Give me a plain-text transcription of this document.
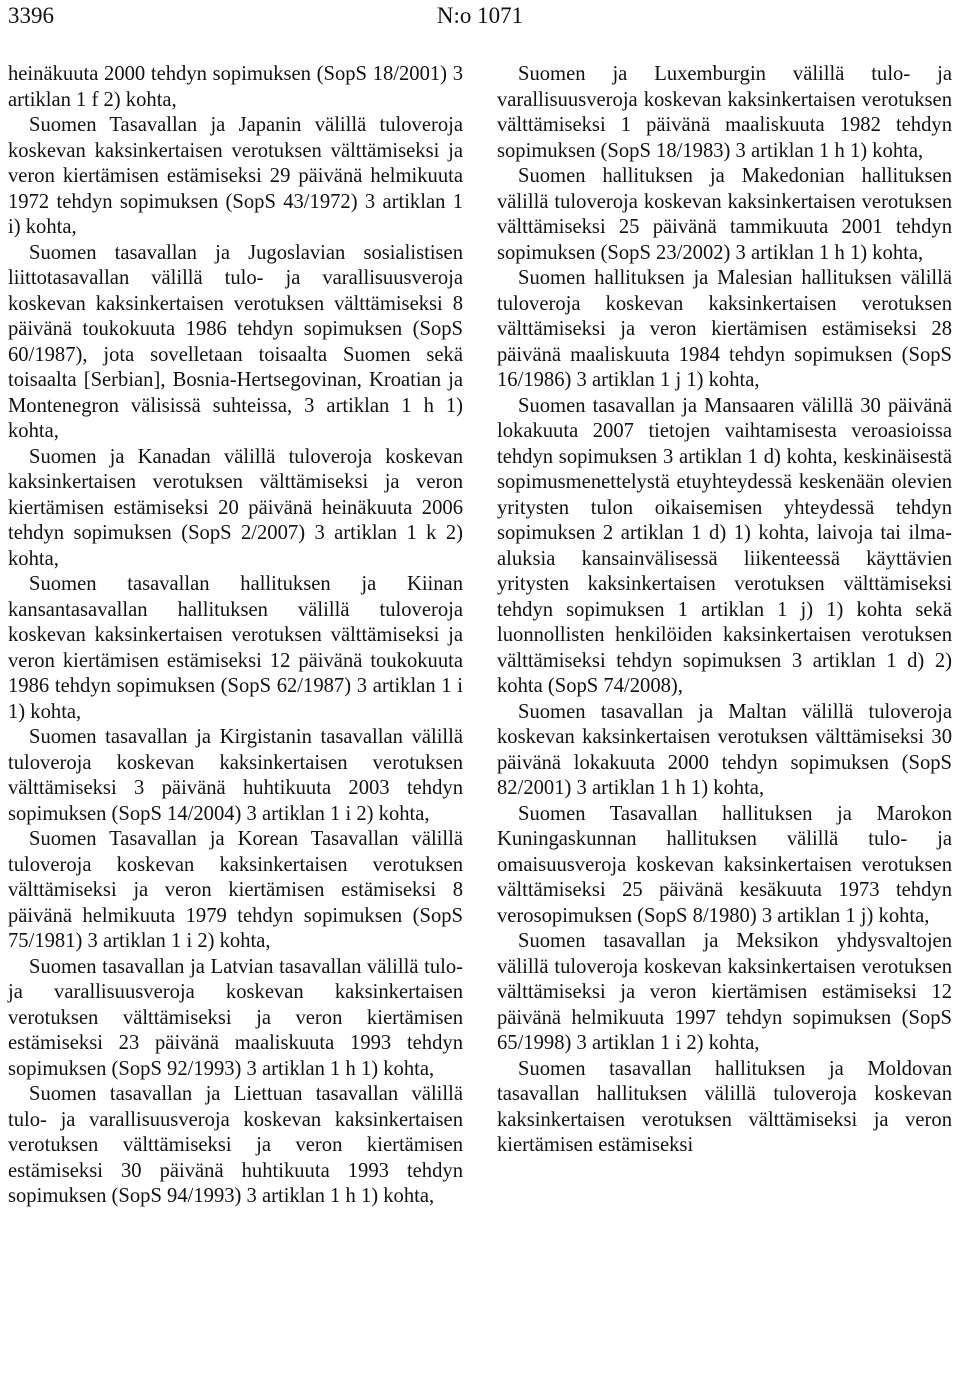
3396	N:o 1071

heinäkuuta 2000 tehdyn sopimuksen (SopS 18/2001) 3 artiklan 1 f 2) kohta,

Suomen Tasavallan ja Japanin välillä tuloveroja koskevan kaksinkertaisen verotuksen välttämiseksi ja veron kiertämisen estämiseksi 29 päivänä helmikuuta 1972 tehdyn sopimuksen (SopS 43/1972) 3 artiklan 1 i) kohta,

Suomen tasavallan ja Jugoslavian sosialistisen liittotasavallan välillä tulo- ja varallisuusveroja koskevan kaksinkertaisen verotuksen välttämiseksi 8 päivänä toukokuuta 1986 tehdyn sopimuksen (SopS 60/1987), jota sovelletaan toisaalta Suomen sekä toisaalta [Serbian], Bosnia-Hertsegovinan, Kroatian ja Montenegron välisissä suhteissa, 3 artiklan 1 h 1) kohta,

Suomen ja Kanadan välillä tuloveroja koskevan kaksinkertaisen verotuksen välttämiseksi ja veron kiertämisen estämiseksi 20 päivänä heinäkuuta 2006 tehdyn sopimuksen (SopS 2/2007) 3 artiklan 1 k 2) kohta,

Suomen tasavallan hallituksen ja Kiinan kansantasavallan hallituksen välillä tuloveroja koskevan kaksinkertaisen verotuksen välttämiseksi ja veron kiertämisen estämiseksi 12 päivänä toukokuuta 1986 tehdyn sopimuksen (SopS 62/1987) 3 artiklan 1 i 1) kohta,

Suomen tasavallan ja Kirgistanin tasavallan välillä tuloveroja koskevan kaksinkertaisen verotuksen välttämiseksi 3 päivänä huhtikuuta 2003 tehdyn sopimuksen (SopS 14/2004) 3 artiklan 1 i 2) kohta,

Suomen Tasavallan ja Korean Tasavallan välillä tuloveroja koskevan kaksinkertaisen verotuksen välttämiseksi ja veron kiertämisen estämiseksi 8 päivänä helmikuuta 1979 tehdyn sopimuksen (SopS 75/1981) 3 artiklan 1 i 2) kohta,

Suomen tasavallan ja Latvian tasavallan välillä tulo- ja varallisuusveroja koskevan kaksinkertaisen verotuksen välttämiseksi ja veron kiertämisen estämiseksi 23 päivänä maaliskuuta 1993 tehdyn sopimuksen (SopS 92/1993) 3 artiklan 1 h 1) kohta,

Suomen tasavallan ja Liettuan tasavallan välillä tulo- ja varallisuusveroja koskevan kaksinkertaisen verotuksen välttämiseksi ja veron kiertämisen estämiseksi 30 päivänä huhtikuuta 1993 tehdyn sopimuksen (SopS 94/1993) 3 artiklan 1 h 1) kohta,

Suomen ja Luxemburgin välillä tulo- ja varallisuusveroja koskevan kaksinkertaisen verotuksen välttämiseksi 1 päivänä maaliskuuta 1982 tehdyn sopimuksen (SopS 18/1983) 3 artiklan 1 h 1) kohta,

Suomen hallituksen ja Makedonian hallituksen välillä tuloveroja koskevan kaksinkertaisen verotuksen välttämiseksi 25 päivänä tammikuuta 2001 tehdyn sopimuksen (SopS 23/2002) 3 artiklan 1 h 1) kohta,

Suomen hallituksen ja Malesian hallituksen välillä tuloveroja koskevan kaksinkertaisen verotuksen välttämiseksi ja veron kiertämisen estämiseksi 28 päivänä maaliskuuta 1984 tehdyn sopimuksen (SopS 16/1986) 3 artiklan 1 j 1) kohta,

Suomen tasavallan ja Mansaaren välillä 30 päivänä lokakuuta 2007 tietojen vaihtamisesta veroasioissa tehdyn sopimuksen 3 artiklan 1 d) kohta, keskinäisestä sopimusmenettelystä etuyhteydessä keskenään olevien yritysten tulon oikaisemisen yhteydessä tehdyn sopimuksen 2 artiklan 1 d) 1) kohta, laivoja tai ilma-aluksia kansainvälisessä liikenteessä käyttävien yritysten kaksinkertaisen verotuksen välttämiseksi tehdyn sopimuksen 1 artiklan 1 j) 1) kohta sekä luonnollisten henkilöiden kaksinkertaisen verotuksen välttämiseksi tehdyn sopimuksen 3 artiklan 1 d) 2) kohta (SopS 74/2008),

Suomen tasavallan ja Maltan välillä tuloveroja koskevan kaksinkertaisen verotuksen välttämiseksi 30 päivänä lokakuuta 2000 tehdyn sopimuksen (SopS 82/2001) 3 artiklan 1 h 1) kohta,

Suomen Tasavallan hallituksen ja Marokon Kuningaskunnan hallituksen välillä tulo- ja omaisuusveroja koskevan kaksinkertaisen verotuksen välttämiseksi 25 päivänä kesäkuuta 1973 tehdyn verosopimuksen (SopS 8/1980) 3 artiklan 1 j) kohta,

Suomen tasavallan ja Meksikon yhdysvaltojen välillä tuloveroja koskevan kaksinkertaisen verotuksen välttämiseksi ja veron kiertämisen estämiseksi 12 päivänä helmikuuta 1997 tehdyn sopimuksen (SopS 65/1998) 3 artiklan 1 i 2) kohta,

Suomen tasavallan hallituksen ja Moldovan tasavallan hallituksen välillä tuloveroja koskevan kaksinkertaisen verotuksen välttämiseksi ja veron kiertämisen estämiseksi
